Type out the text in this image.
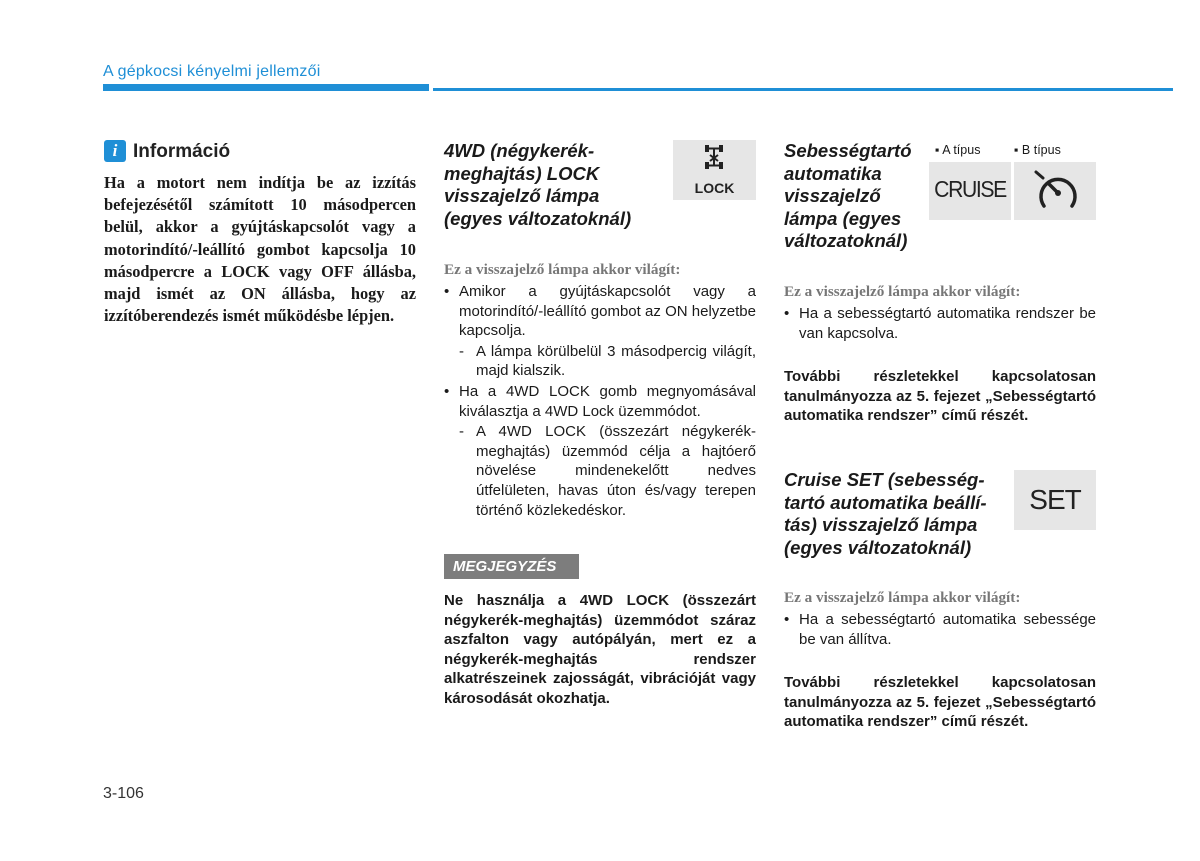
A gépkocsi kényelmi jellemzői
i Információ
Ha a motort nem indítja be az izzítás befejezésétől számított 10 másodpercen belül, akkor a gyújtáskapcsolót vagy a motorindító/-leállító gombot kapcsolja 10 másodpercre a LOCK vagy OFF állásba, majd ismét az ON állásba, hogy az izzítóberendezés ismét működésbe lépjen.
4WD (négykerék-meghajtás) LOCK visszajelző lámpa (egyes változatoknál)
LOCK
Ez a visszajelző lámpa akkor világít:
• Amikor a gyújtáskapcsolót vagy a motorindító/-leállító gombot az ON helyzetbe kapcsolja.
- A lámpa körülbelül 3 másodpercig világít, majd kialszik.
• Ha a 4WD LOCK gomb megnyomásával kiválasztja a 4WD Lock üzemmódot.
- A 4WD LOCK (összezárt négykerék-meghajtás) üzemmód célja a hajtóerő növelése mindenekelőtt nedves útfelületen, havas úton és/vagy terepen történő közlekedéskor.
MEGJEGYZÉS
Ne használja a 4WD LOCK (összezárt négykerék-meghajtás) üzemmódot száraz aszfalton vagy autópályán, mert ez a négykerék-meghajtás rendszer alkatrészeinek zajosságát, vibrációját vagy károsodását okozhatja.
Sebességtartó automatika visszajelző lámpa (egyes változatoknál)
▪ A típus	▪ B típus
CRUISE
Ez a visszajelző lámpa akkor világít:
• Ha a sebességtartó automatika rendszer be van kapcsolva.
További részletekkel kapcsolatosan tanulmányozza az 5. fejezet „Sebességtartó automatika rendszer” című részét.
Cruise SET (sebességtartó automatika beállítás) visszajelző lámpa (egyes változatoknál)
SET
Ez a visszajelző lámpa akkor világít:
• Ha a sebességtartó automatika sebessége be van állítva.
További részletekkel kapcsolatosan tanulmányozza az 5. fejezet „Sebességtartó automatika rendszer” című részét.
3-106
